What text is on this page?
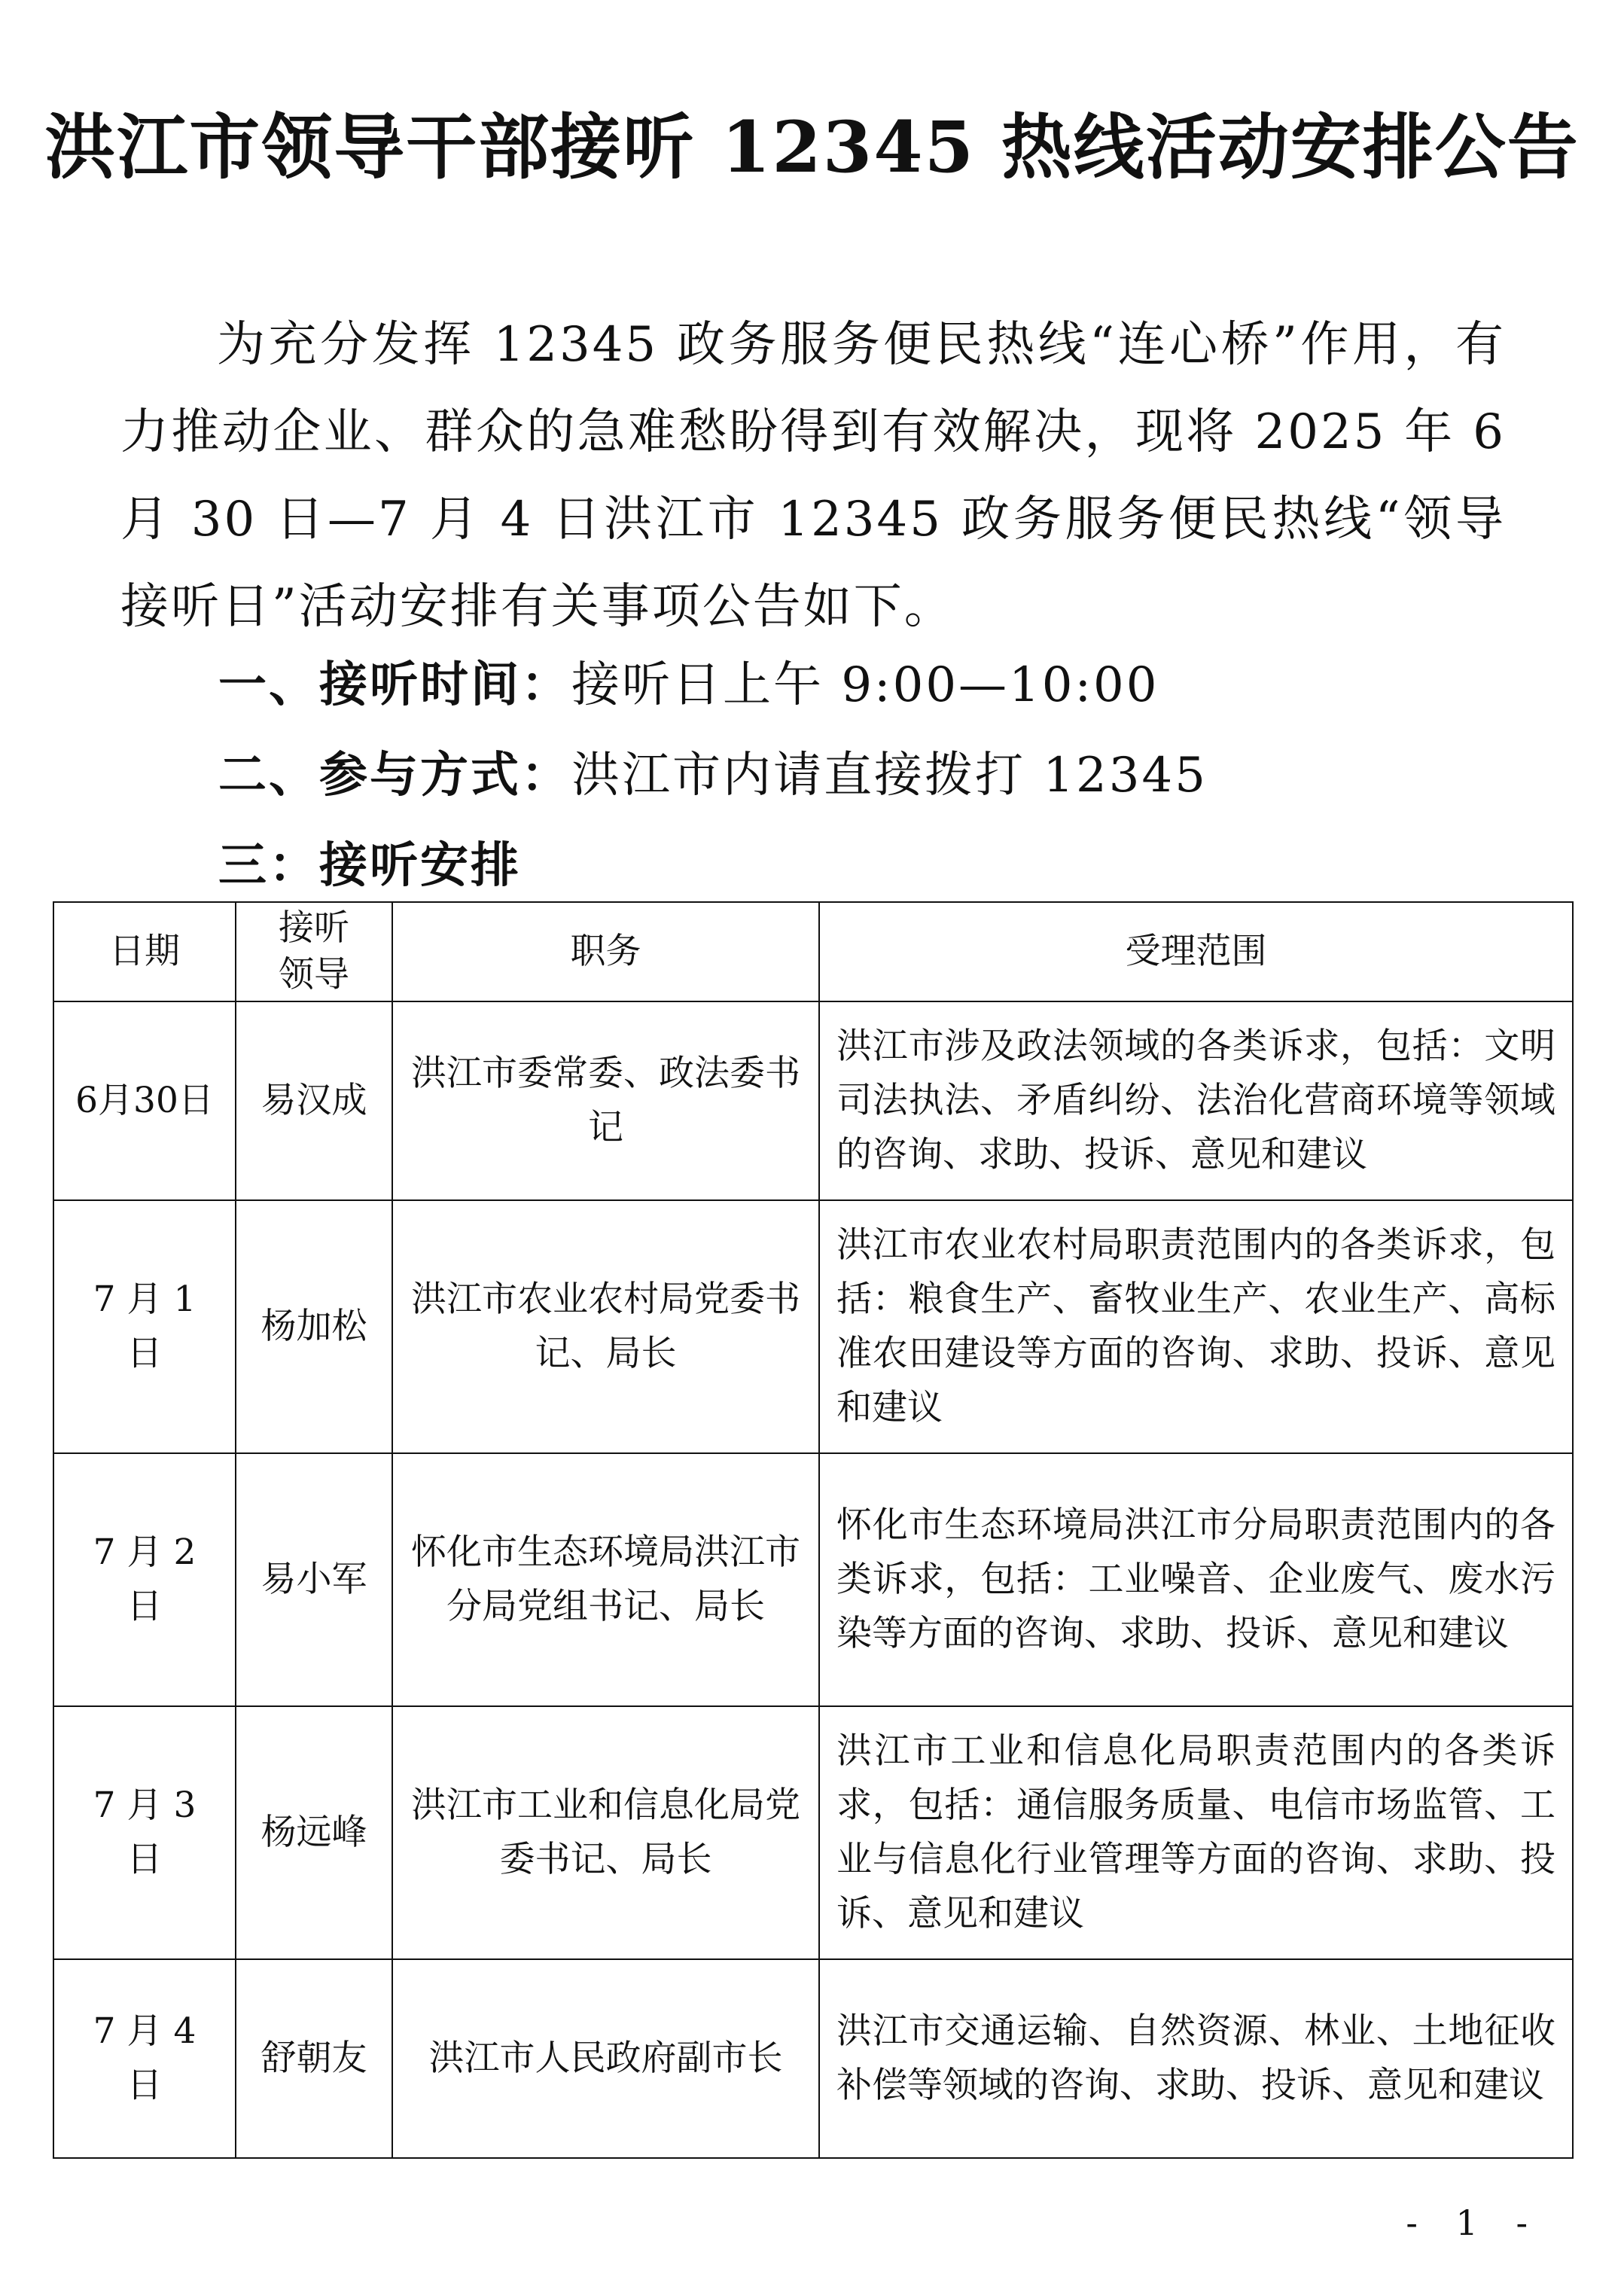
洪江市领导干部接听 12345 热线活动安排公告

为充分发挥 12345 政务服务便民热线“连心桥”作用，有力推动企业、群众的急难愁盼得到有效解决，现将 2025 年 6 月 30 日—7 月 4 日洪江市 12345 政务服务便民热线“领导接听日”活动安排有关事项公告如下。

一、接听时间：接听日上午 9:00—10:00
二、参与方式：洪江市内请直接拨打 12345
三：接听安排
日期	接听领导	职务	受理范围
6月30日	易汉成	洪江市委常委、政法委书记	洪江市涉及政法领域的各类诉求，包括：文明司法执法、矛盾纠纷、法治化营商环境等领域的咨询、求助、投诉、意见和建议
7 月 1 日	杨加松	洪江市农业农村局党委书记、局长	洪江市农业农村局职责范围内的各类诉求，包括：粮食生产、畜牧业生产、农业生产、高标准农田建设等方面的咨询、求助、投诉、意见和建议
7 月 2 日	易小军	怀化市生态环境局洪江市分局党组书记、局长	怀化市生态环境局洪江市分局职责范围内的各类诉求，包括：工业噪音、企业废气、废水污染等方面的咨询、求助、投诉、意见和建议
7 月 3 日	杨远峰	洪江市工业和信息化局党委书记、局长	洪江市工业和信息化局职责范围内的各类诉求，包括：通信服务质量、电信市场监管、工业与信息化行业管理等方面的咨询、求助、投诉、意见和建议
7 月 4 日	舒朝友	洪江市人民政府副市长	洪江市交通运输、自然资源、林业、土地征收补偿等领域的咨询、求助、投诉、意见和建议
- 1 -
